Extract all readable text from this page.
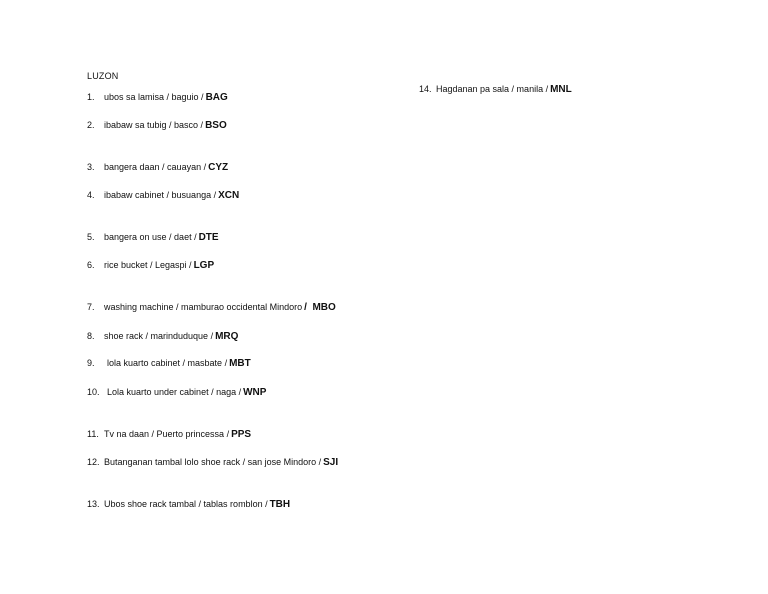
LUZON
1.	ubos sa lamisa / baguio / BAG
2.	ibabaw sa tubig / basco / BSO
3.	bangera daan / cauayan / CYZ
4.	ibabaw cabinet / busuanga / XCN
5.	bangera on use / daet / DTE
6.	rice bucket / Legaspi / LGP
7.	washing machine / mamburao occidental Mindoro /  MBO
8.	shoe rack / marinduduque / MRQ
9.	lola kuarto cabinet / masbate / MBT
10. Lola kuarto under cabinet / naga / WNP
11. Tv na daan / Puerto princessa / PPS
12. Butanganan tambal lolo shoe rack / san jose Mindoro / SJI
13. Ubos shoe rack tambal / tablas romblon / TBH
14. Hagdanan pa sala / manila / MNL
